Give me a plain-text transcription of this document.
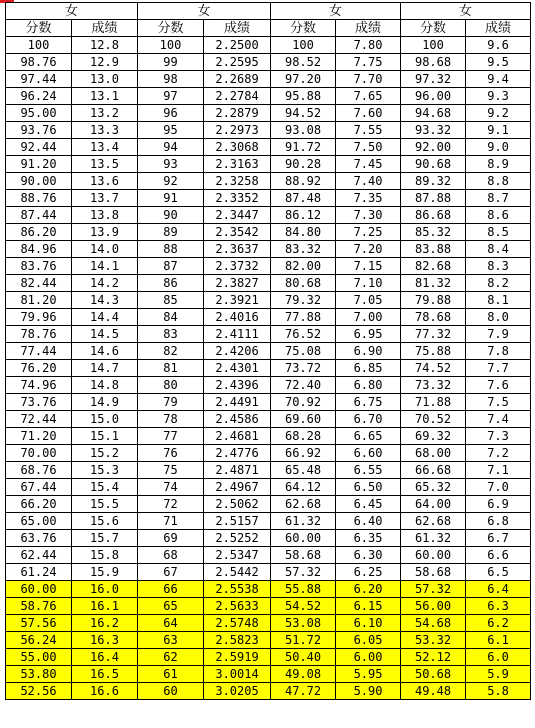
女		女		女		女	
分数	成绩	分数	成绩	分数	成绩	分数	成绩
100	12.8	100	2.2500	100	7.80	100	9.6
98.76	12.9	99	2.2595	98.52	7.75	98.68	9.5
97.44	13.0	98	2.2689	97.20	7.70	97.32	9.4
96.24	13.1	97	2.2784	95.88	7.65	96.00	9.3
95.00	13.2	96	2.2879	94.52	7.60	94.68	9.2
93.76	13.3	95	2.2973	93.08	7.55	93.32	9.1
92.44	13.4	94	2.3068	91.72	7.50	92.00	9.0
91.20	13.5	93	2.3163	90.28	7.45	90.68	8.9
90.00	13.6	92	2.3258	88.92	7.40	89.32	8.8
88.76	13.7	91	2.3352	87.48	7.35	87.88	8.7
87.44	13.8	90	2.3447	86.12	7.30	86.68	8.6
86.20	13.9	89	2.3542	84.80	7.25	85.32	8.5
84.96	14.0	88	2.3637	83.32	7.20	83.88	8.4
83.76	14.1	87	2.3732	82.00	7.15	82.68	8.3
82.44	14.2	86	2.3827	80.68	7.10	81.32	8.2
81.20	14.3	85	2.3921	79.32	7.05	79.88	8.1
79.96	14.4	84	2.4016	77.88	7.00	78.68	8.0
78.76	14.5	83	2.4111	76.52	6.95	77.32	7.9
77.44	14.6	82	2.4206	75.08	6.90	75.88	7.8
76.20	14.7	81	2.4301	73.72	6.85	74.52	7.7
74.96	14.8	80	2.4396	72.40	6.80	73.32	7.6
73.76	14.9	79	2.4491	70.92	6.75	71.88	7.5
72.44	15.0	78	2.4586	69.60	6.70	70.52	7.4
71.20	15.1	77	2.4681	68.28	6.65	69.32	7.3
70.00	15.2	76	2.4776	66.92	6.60	68.00	7.2
68.76	15.3	75	2.4871	65.48	6.55	66.68	7.1
67.44	15.4	74	2.4967	64.12	6.50	65.32	7.0
66.20	15.5	72	2.5062	62.68	6.45	64.00	6.9
65.00	15.6	71	2.5157	61.32	6.40	62.68	6.8
63.76	15.7	69	2.5252	60.00	6.35	61.32	6.7
62.44	15.8	68	2.5347	58.68	6.30	60.00	6.6
61.24	15.9	67	2.5442	57.32	6.25	58.68	6.5
60.00	16.0	66	2.5538	55.88	6.20	57.32	6.4
58.76	16.1	65	2.5633	54.52	6.15	56.00	6.3
57.56	16.2	64	2.5748	53.08	6.10	54.68	6.2
56.24	16.3	63	2.5823	51.72	6.05	53.32	6.1
55.00	16.4	62	2.5919	50.40	6.00	52.12	6.0
53.80	16.5	61	3.0014	49.08	5.95	50.68	5.9
52.56	16.6	60	3.0205	47.72	5.90	49.48	5.8
